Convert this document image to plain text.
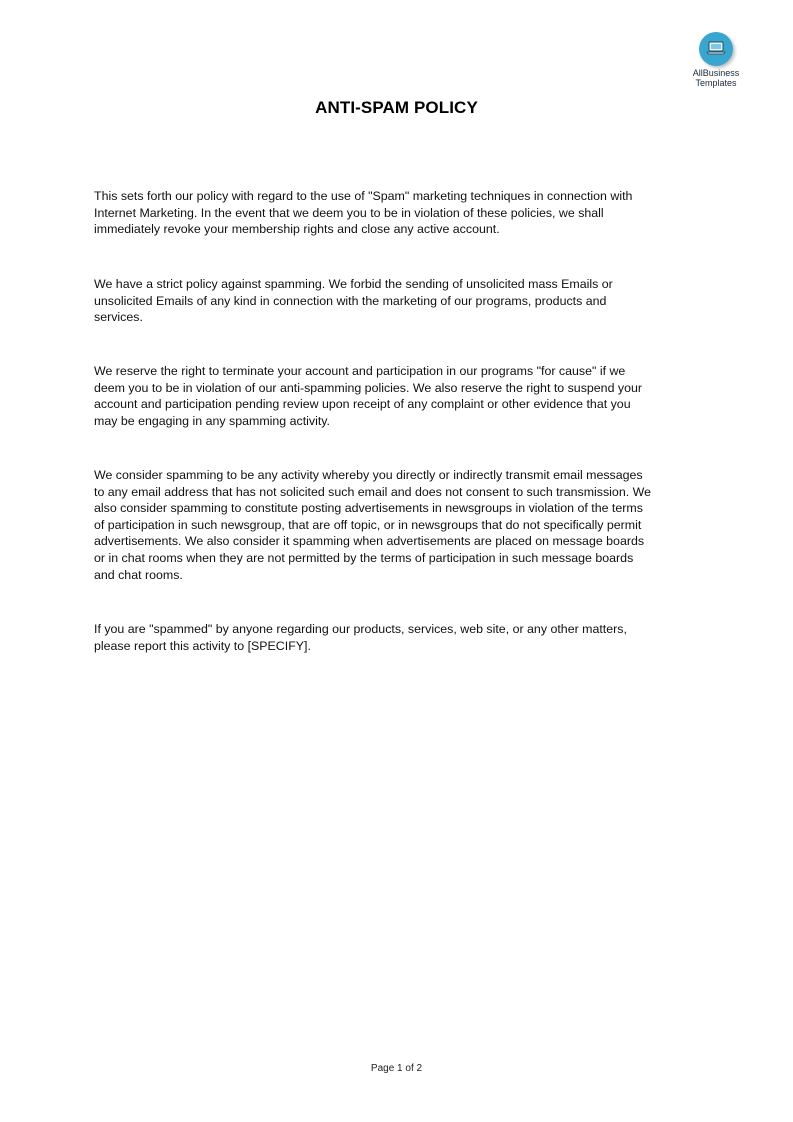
AllBusiness
Templates
ANTI-SPAM POLICY
This sets forth our policy with regard to the use of "Spam" marketing techniques in connection with
Internet Marketing. In the event that we deem you to be in violation of these policies, we shall
immediately revoke your membership rights and close any active account.
We have a strict policy against spamming. We forbid the sending of unsolicited mass Emails or
unsolicited Emails of any kind in connection with the marketing of our programs, products and
services.
We reserve the right to terminate your account and participation in our programs "for cause" if we
deem you to be in violation of our anti-spamming policies. We also reserve the right to suspend your
account and participation pending review upon receipt of any complaint or other evidence that you
may be engaging in any spamming activity.
We consider spamming to be any activity whereby you directly or indirectly transmit email messages
to any email address that has not solicited such email and does not consent to such transmission. We
also consider spamming to constitute posting advertisements in newsgroups in violation of the terms
of participation in such newsgroup, that are off topic, or in newsgroups that do not specifically permit
advertisements. We also consider it spamming when advertisements are placed on message boards
or in chat rooms when they are not permitted by the terms of participation in such message boards
and chat rooms.
If you are "spammed" by anyone regarding our products, services, web site, or any other matters,
please report this activity to [SPECIFY].
Page 1 of 2
